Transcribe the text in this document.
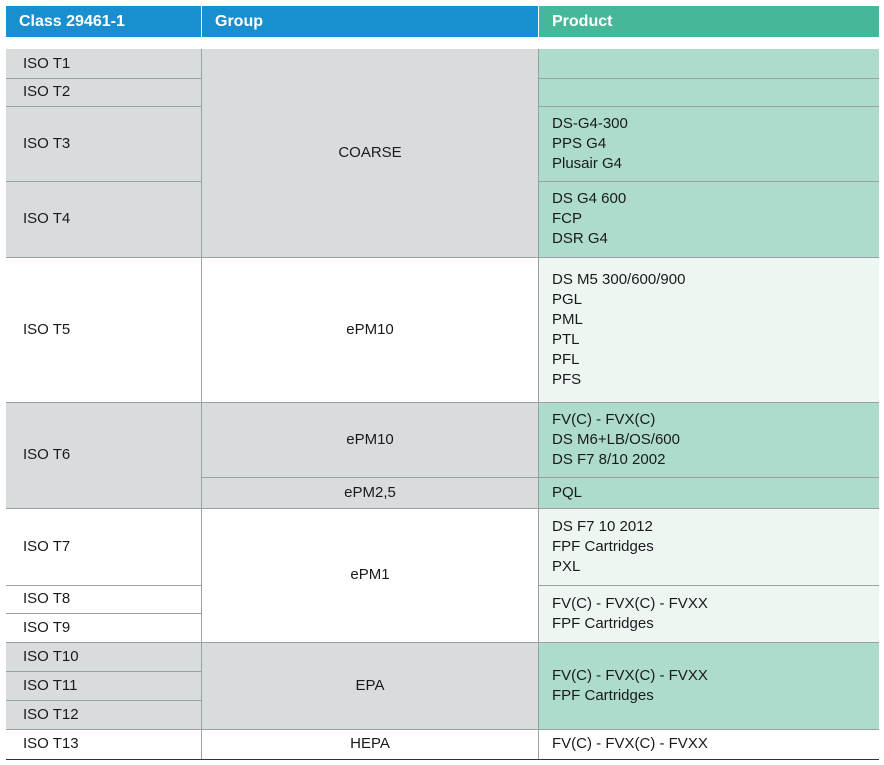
Class 29461-1	Group	Product
ISO T1
ISO T2
ISO T3
ISO T4
ISO T5
ISO T6
ISO T7
ISO T8
ISO T9
ISO T10
ISO T11
ISO T12
ISO T13
COARSE
ePM10
ePM10
ePM2,5
ePM1
EPA
HEPA
DS-G4-300
PPS G4
Plusair G4
DS G4 600
FCP
DSR G4
DS M5 300/600/900
PGL
PML
PTL
PFL
PFS
FV(C) - FVX(C)
DS M6+LB/OS/600
DS F7 8/10 2002
PQL
DS F7 10 2012
FPF Cartridges
PXL
FV(C) - FVX(C) - FVXX
FPF Cartridges
FV(C) - FVX(C) - FVXX
FPF Cartridges
FV(C) - FVX(C) - FVXX
